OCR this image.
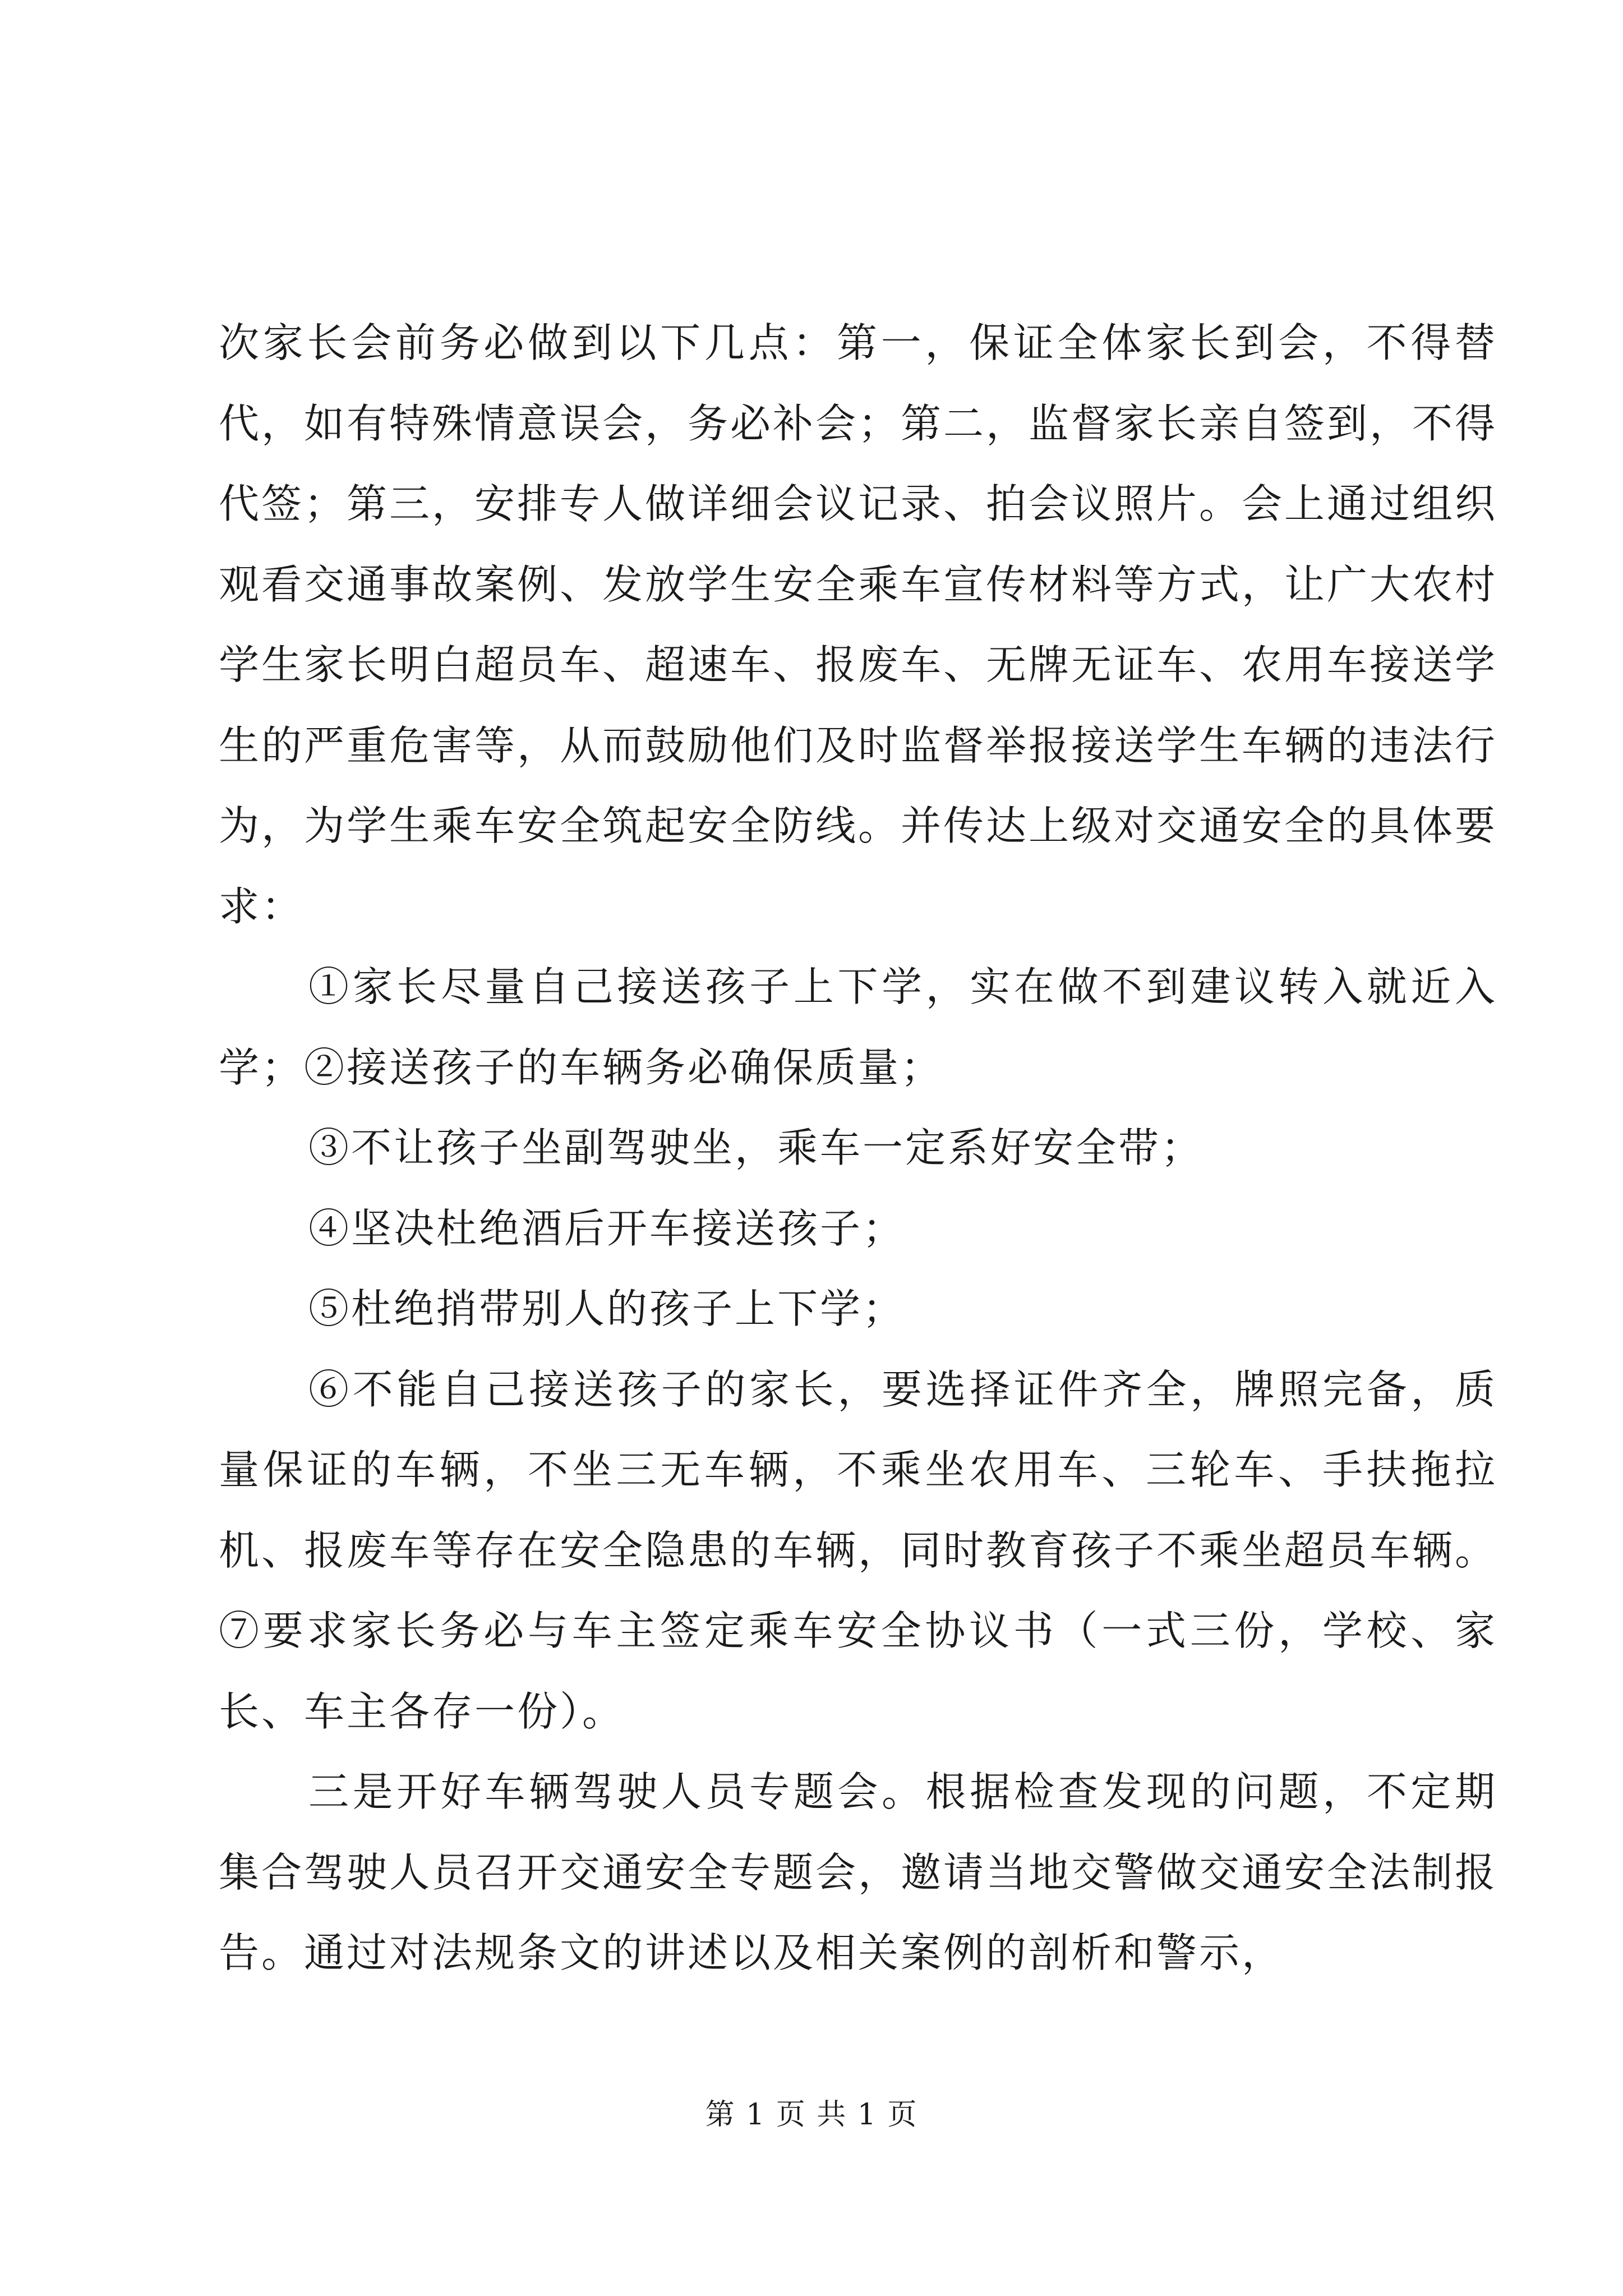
次家长会前务必做到以下几点：第一，保证全体家长到会，不得替代，如有特殊情意误会，务必补会；第二，监督家长亲自签到，不得代签；第三，安排专人做详细会议记录、拍会议照片。会上通过组织观看交通事故案例、发放学生安全乘车宣传材料等方式，让广大农村学生家长明白超员车、超速车、报废车、无牌无证车、农用车接送学生的严重危害等，从而鼓励他们及时监督举报接送学生车辆的违法行为，为学生乘车安全筑起安全防线。并传达上级对交通安全的具体要求：

①家长尽量自己接送孩子上下学，实在做不到建议转入就近入学；②接送孩子的车辆务必确保质量；

③不让孩子坐副驾驶坐，乘车一定系好安全带；

④坚决杜绝酒后开车接送孩子；

⑤杜绝捎带别人的孩子上下学；

⑥不能自己接送孩子的家长，要选择证件齐全，牌照完备，质量保证的车辆，不坐三无车辆，不乘坐农用车、三轮车、手扶拖拉机、报废车等存在安全隐患的车辆，同时教育孩子不乘坐超员车辆。⑦要求家长务必与车主签定乘车安全协议书（一式三份，学校、家长、车主各存一份）。

三是开好车辆驾驶人员专题会。根据检查发现的问题，不定期集合驾驶人员召开交通安全专题会，邀请当地交警做交通安全法制报告。通过对法规条文的讲述以及相关案例的剖析和警示，

第 1 页 共 1 页
